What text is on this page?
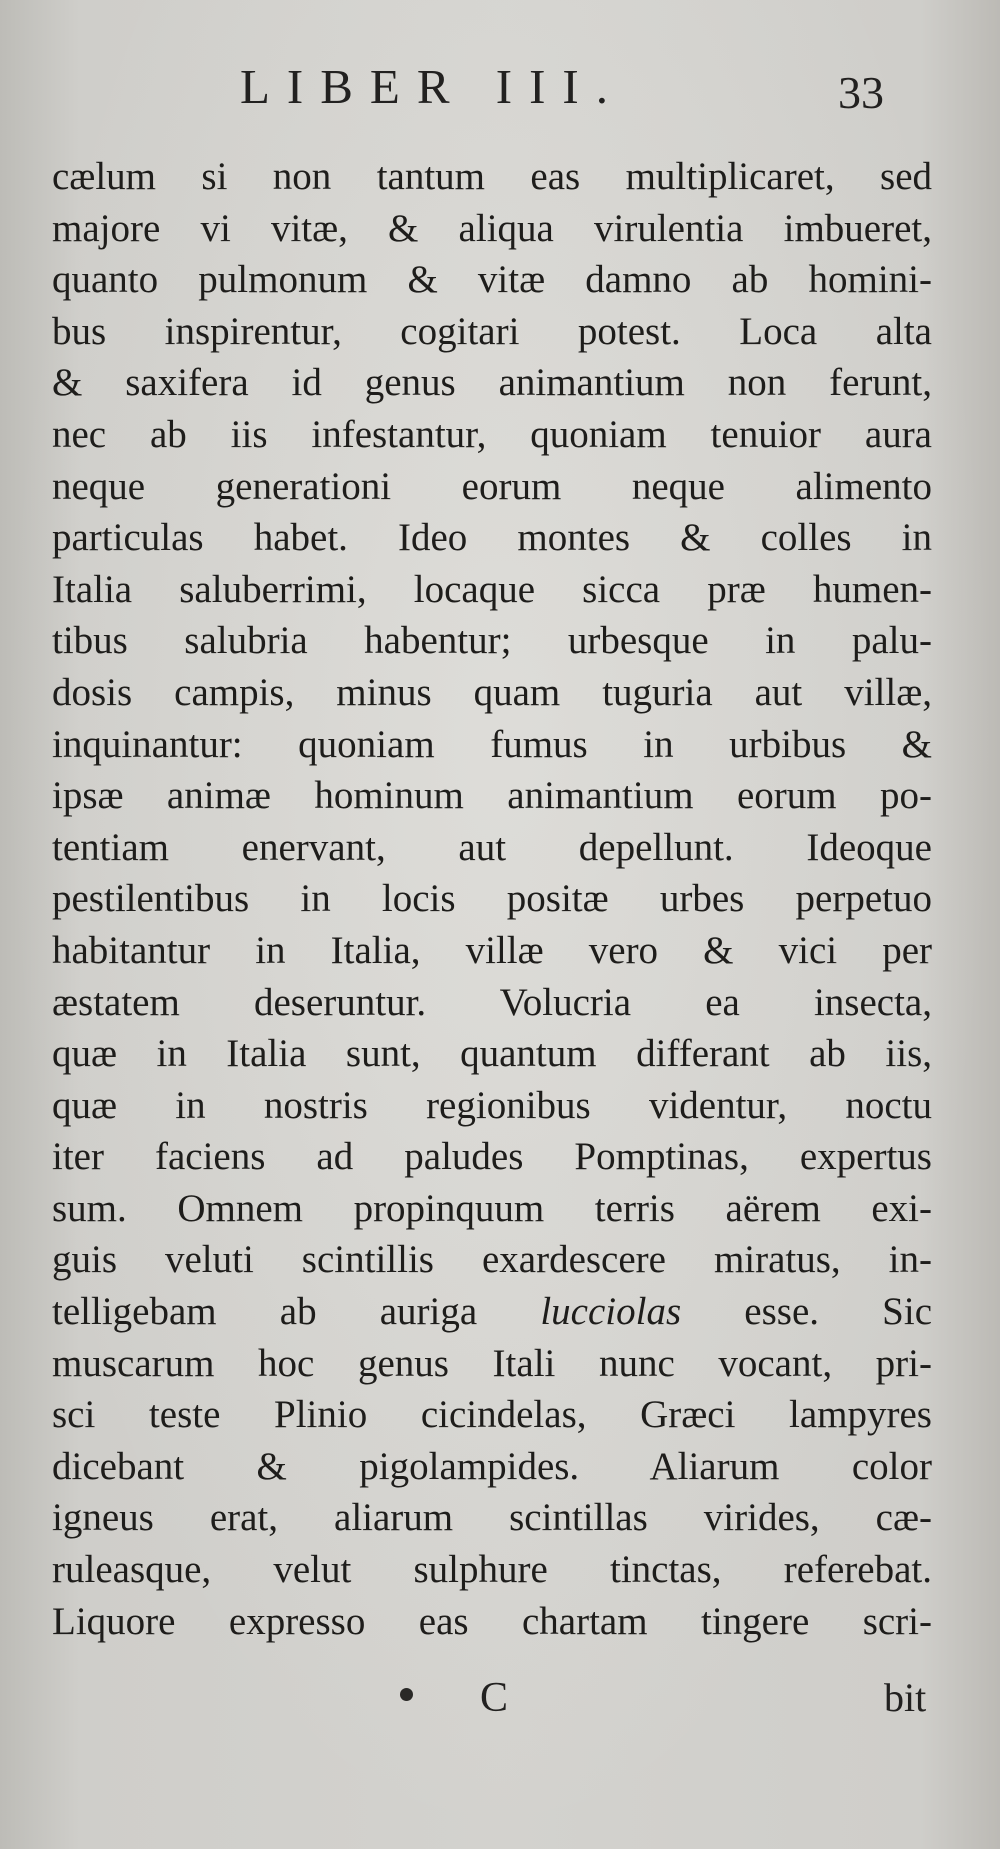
LIBER III.	33
cælum si non tantum eas multiplicaret, sed
majore vi vitæ, & aliqua virulentia imbueret,
quanto pulmonum & vitæ damno ab homini-
bus inspirentur, cogitari potest. Loca alta
& saxifera id genus animantium non ferunt,
nec ab iis infestantur, quoniam tenuior aura
neque generationi eorum neque alimento
particulas habet. Ideo montes & colles in
Italia saluberrimi, locaque sicca præ humen-
tibus salubria habentur; urbesque in palu-
dosis campis, minus quam tuguria aut villæ,
inquinantur: quoniam fumus in urbibus &
ipsæ animæ hominum animantium eorum po-
tentiam enervant, aut depellunt. Ideoque
pestilentibus in locis positæ urbes perpetuo
habitantur in Italia, villæ vero & vici per
æstatem deseruntur. Volucria ea insecta,
quæ in Italia sunt, quantum differant ab iis,
quæ in nostris regionibus videntur, noctu
iter faciens ad paludes Pomptinas, expertus
sum. Omnem propinquum terris aërem exi-
guis veluti scintillis exardescere miratus, in-
telligebam ab auriga lucciolas esse. Sic
muscarum hoc genus Itali nunc vocant, pri-
sci teste Plinio cicindelas, Græci lampyres
dicebant & pigolampides. Aliarum color
igneus erat, aliarum scintillas virides, cæ-
ruleasque, velut sulphure tinctas, referebat.
Liquore expresso eas chartam tingere scri-
C	bit
